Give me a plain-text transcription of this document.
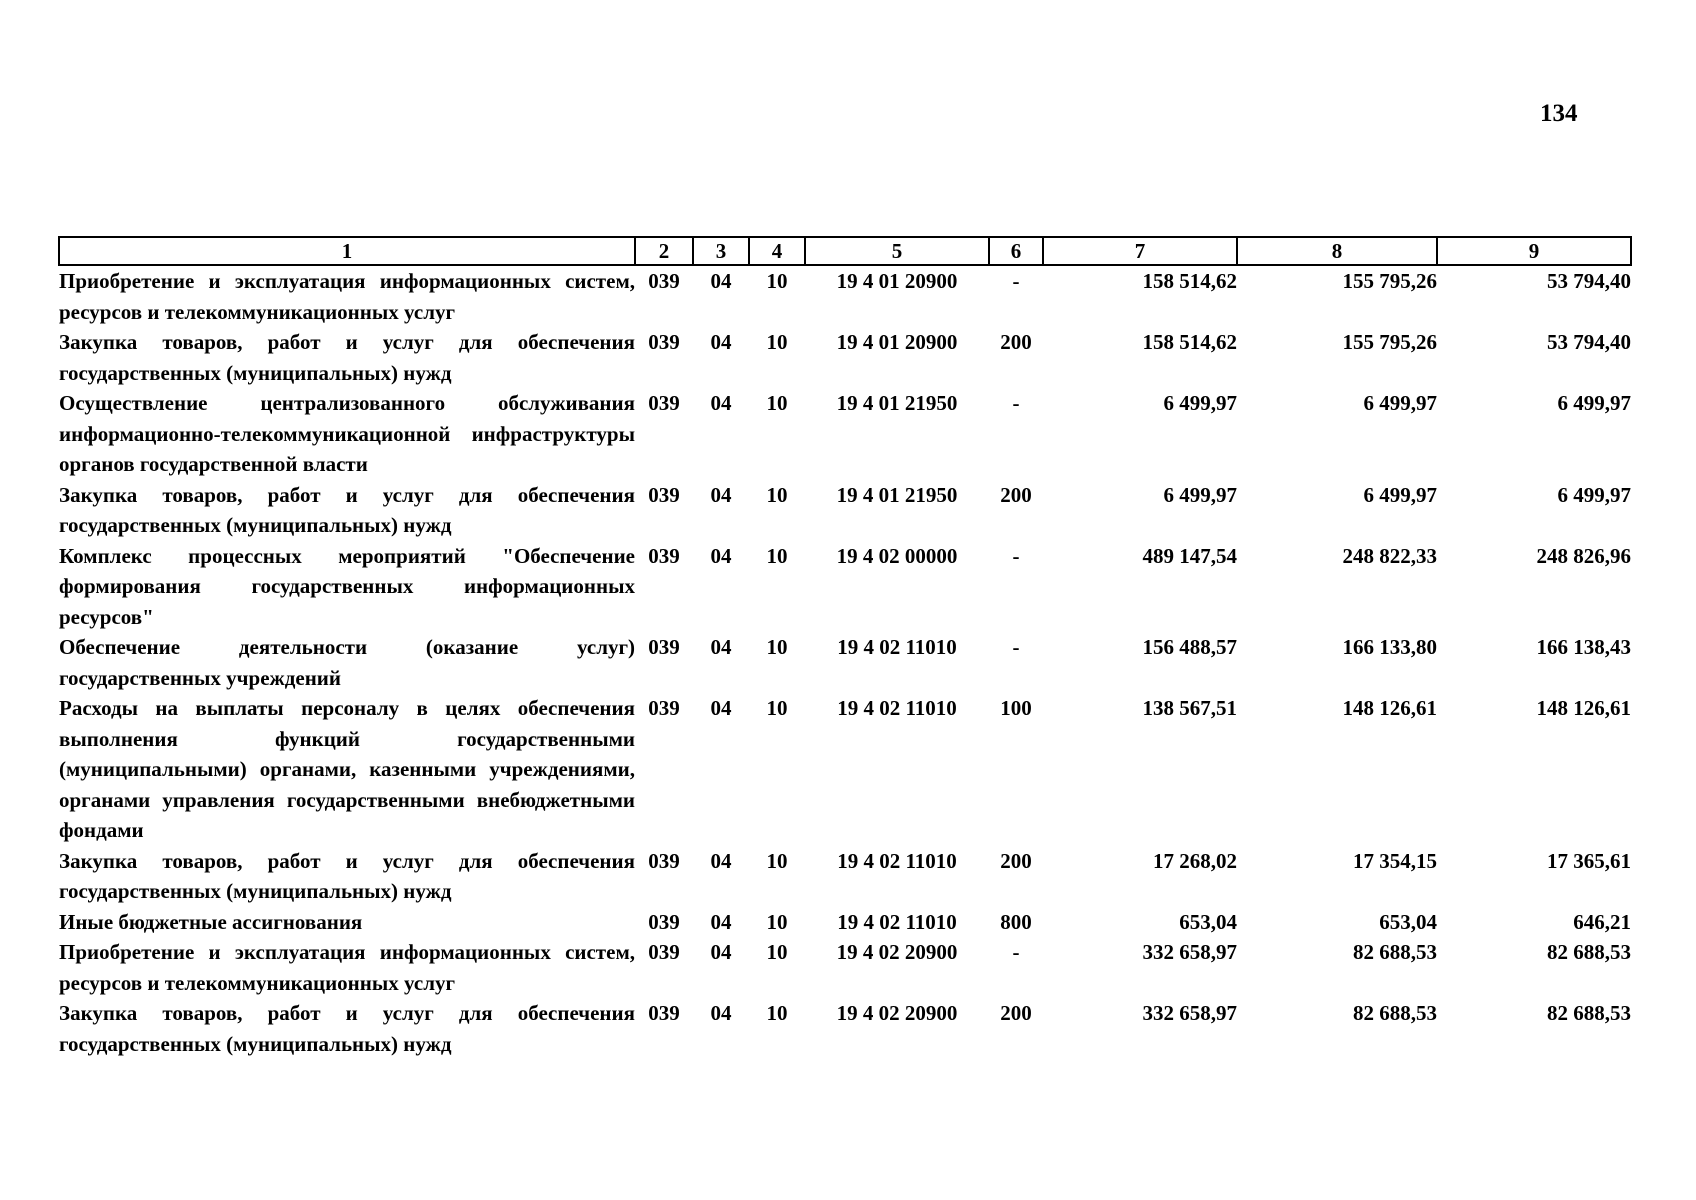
134
1	2	3	4	5	6	7	8	9
Приобретение и эксплуатация информационных систем, ресурсов и телекоммуникационных услуг	039	04	10	19 4 01 20900	-	158 514,62	155 795,26	53 794,40
Закупка товаров, работ и услуг для обеспечения государственных (муниципальных) нужд	039	04	10	19 4 01 20900	200	158 514,62	155 795,26	53 794,40
Осуществление централизованного обслуживания информационно-телекоммуникационной инфраструктуры органов государственной власти	039	04	10	19 4 01 21950	-	6 499,97	6 499,97	6 499,97
Закупка товаров, работ и услуг для обеспечения государственных (муниципальных) нужд	039	04	10	19 4 01 21950	200	6 499,97	6 499,97	6 499,97
Комплекс процессных мероприятий "Обеспечение формирования государственных информационных ресурсов"	039	04	10	19 4 02 00000	-	489 147,54	248 822,33	248 826,96
Обеспечение деятельности (оказание услуг) государственных учреждений	039	04	10	19 4 02 11010	-	156 488,57	166 133,80	166 138,43
Расходы на выплаты персоналу в целях обеспечения выполнения функций государственными (муниципальными) органами, казенными учреждениями, органами управления государственными внебюджетными фондами	039	04	10	19 4 02 11010	100	138 567,51	148 126,61	148 126,61
Закупка товаров, работ и услуг для обеспечения государственных (муниципальных) нужд	039	04	10	19 4 02 11010	200	17 268,02	17 354,15	17 365,61
Иные бюджетные ассигнования	039	04	10	19 4 02 11010	800	653,04	653,04	646,21
Приобретение и эксплуатация информационных систем, ресурсов и телекоммуникационных услуг	039	04	10	19 4 02 20900	-	332 658,97	82 688,53	82 688,53
Закупка товаров, работ и услуг для обеспечения государственных (муниципальных) нужд	039	04	10	19 4 02 20900	200	332 658,97	82 688,53	82 688,53
